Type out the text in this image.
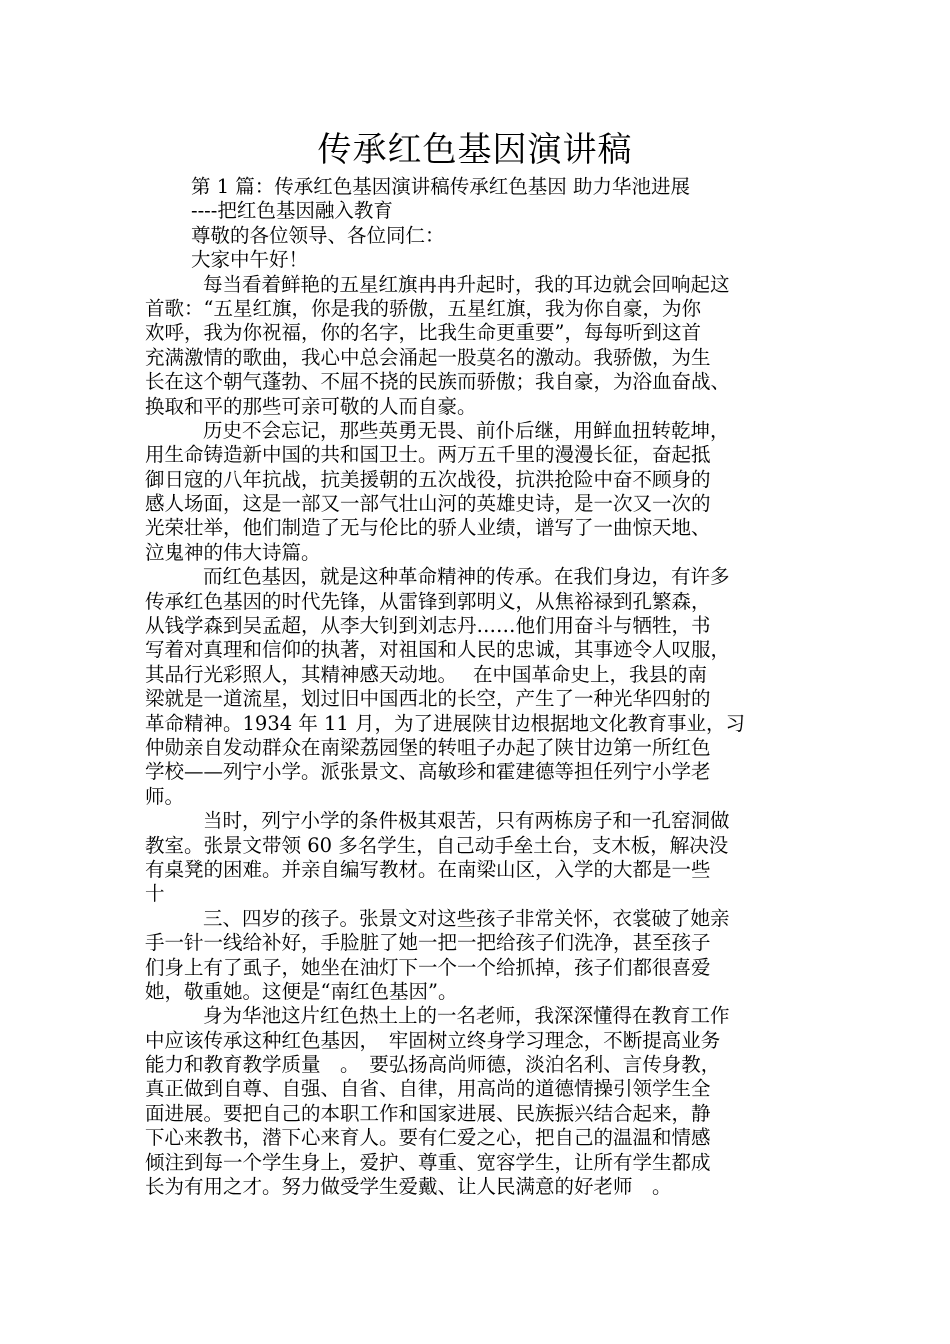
传承红色基因演讲稿
第 1 篇：传承红色基因演讲稿传承红色基因 助力华池进展
----把红色基因融入教育
尊敬的各位领导、各位同仁：
大家中午好！
每当看着鲜艳的五星红旗冉冉升起时，我的耳边就会回响起这
首歌：“五星红旗，你是我的骄傲，五星红旗，我为你自豪，为你
欢呼，我为你祝福，你的名字，比我生命更重要”，每每听到这首
充满激情的歌曲，我心中总会涌起一股莫名的激动。我骄傲，为生
长在这个朝气蓬勃、不屈不挠的民族而骄傲；我自豪，为浴血奋战、
换取和平的那些可亲可敬的人而自豪。
历史不会忘记，那些英勇无畏、前仆后继，用鲜血扭转乾坤，
用生命铸造新中国的共和国卫士。两万五千里的漫漫长征，奋起抵
御日寇的八年抗战，抗美援朝的五次战役，抗洪抢险中奋不顾身的
感人场面，这是一部又一部气壮山河的英雄史诗，是一次又一次的
光荣壮举，他们制造了无与伦比的骄人业绩，谱写了一曲惊天地、
泣鬼神的伟大诗篇。
而红色基因，就是这种革命精神的传承。在我们身边，有许多
传承红色基因的时代先锋，从雷锋到郭明义，从焦裕禄到孔繁森，
从钱学森到吴孟超，从李大钊到刘志丹……他们用奋斗与牺牲，书
写着对真理和信仰的执著，对祖国和人民的忠诚，其事迹令人叹服，
其品行光彩照人，其精神感天动地。　 在中国革命史上，我县的南
梁就是一道流星，划过旧中国西北的长空，产生了一种光华四射的
革命精神。1934 年 11 月，为了进展陕甘边根据地文化教育事业，习
仲勋亲自发动群众在南梁荔园堡的转咀子办起了陕甘边第一所红色
学校——列宁小学。派张景文、高敏珍和霍建德等担任列宁小学老
师。
当时，列宁小学的条件极其艰苦，只有两栋房子和一孔窑洞做
教室。张景文带领 60 多名学生，自己动手垒土台，支木板，解决没
有桌凳的困难。并亲自编写教材。在南梁山区，入学的大都是一些
十
三、四岁的孩子。张景文对这些孩子非常关怀，衣裳破了她亲
手一针一线给补好，手脸脏了她一把一把给孩子们洗净，甚至孩子
们身上有了虱子，她坐在油灯下一个一个给抓掉，孩子们都很喜爱
她，敬重她。这便是“南红色基因”。
身为华池这片红色热土上的一名老师，我深深懂得在教育工作
中应该传承这种红色基因，　牢固树立终身学习理念，不断提高业务
能力和教育教学质量　。　要弘扬高尚师德，淡泊名利、言传身教，
真正做到自尊、自强、自省、自律，用高尚的道德情操引领学生全
面进展。要把自己的本职工作和国家进展、民族振兴结合起来，静
下心来教书，潜下心来育人。要有仁爱之心，把自己的温温和情感
倾注到每一个学生身上，爱护、尊重、宽容学生，让所有学生都成
长为有用之才。努力做受学生爱戴、让人民满意的好老师　。
